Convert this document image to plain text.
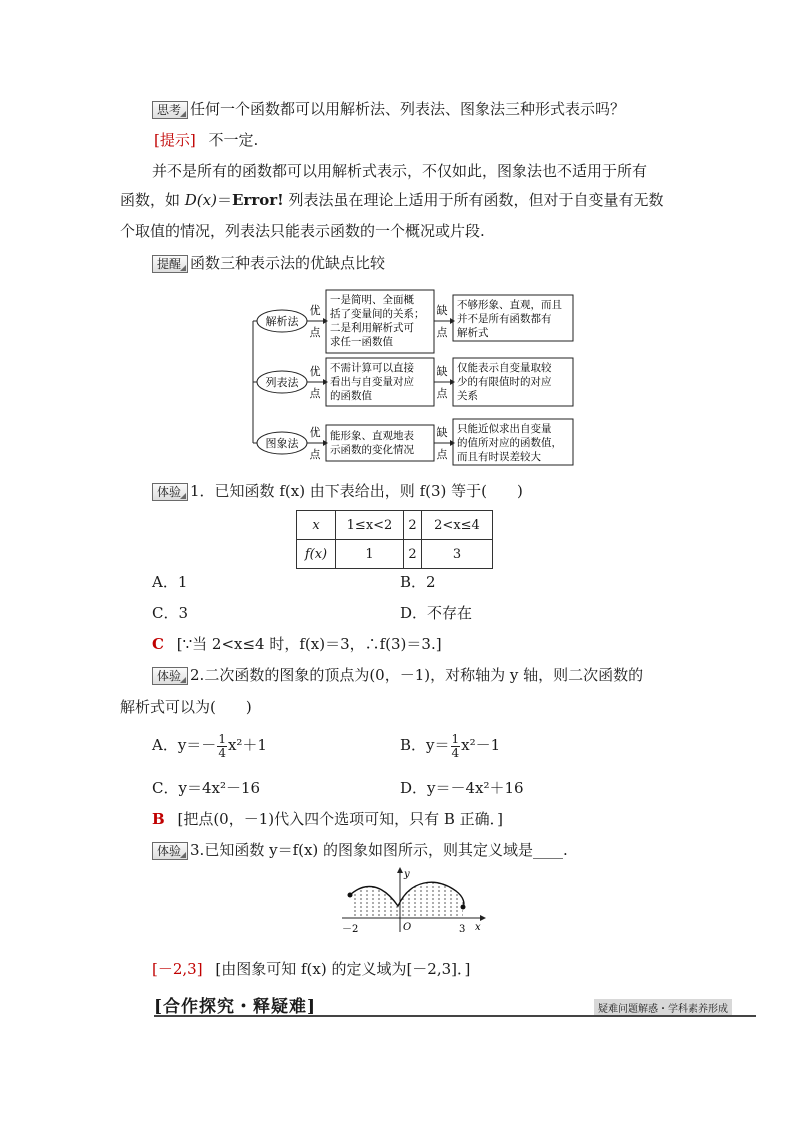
思考 任何一个函数都可以用解析法、列表法、图象法三种形式表示吗？
[提示] 不一定.
并不是所有的函数都可以用解析式表示，不仅如此，图象法也不适用于所有
函数，如 D(x)＝Error! 列表法虽在理论上适用于所有函数，但对于自变量有无数
个取值的情况，列表法只能表示函数的一个概况或片段.
提醒 函数三种表示法的优缺点比较
解析法
列表法
图象法
优
点
优
点
优
点
缺
点
缺
点
缺
点
一是简明、全面概
括了变量间的关系；
二是利用解析式可
求任一函数值
不需计算可以直接
看出与自变量对应
的函数值
能形象、直观地表
示函数的变化情况
不够形象、直观，而且
并不是所有函数都有
解析式
仅能表示自变量取较
少的有限值时的对应
关系
只能近似求出自变量
的值所对应的函数值，
而且有时误差较大
体验 1．已知函数 f(x) 由下表给出，则 f(3) 等于(　　)
x	1≤x<2	2	2<x≤4
f(x)	1	2	3
A．1	B．2
C．3	D．不存在
C [∵当 2<x≤4 时，f(x)＝3，∴f(3)＝3.]
体验 2.二次函数的图象的顶点为(0，－1)，对称轴为 y 轴，则二次函数的
解析式可以为(　　)
A．$y=- \frac{1}{4} x^2+1$	B．$y= \frac{1}{4} x^2-1$
C．y＝4x²－16	D．y＝－4x²＋16
B [把点(0，－1)代入四个选项可知，只有 B 正确．]
体验 3.已知函数 y＝f(x) 的图象如图所示，则其定义域是____.
y
x
O
－2	3
[－2,3] [由图象可知 f(x) 的定义域为[－2,3]．]
[合作探究・释疑难]	疑难问题解惑・学科素养形成
